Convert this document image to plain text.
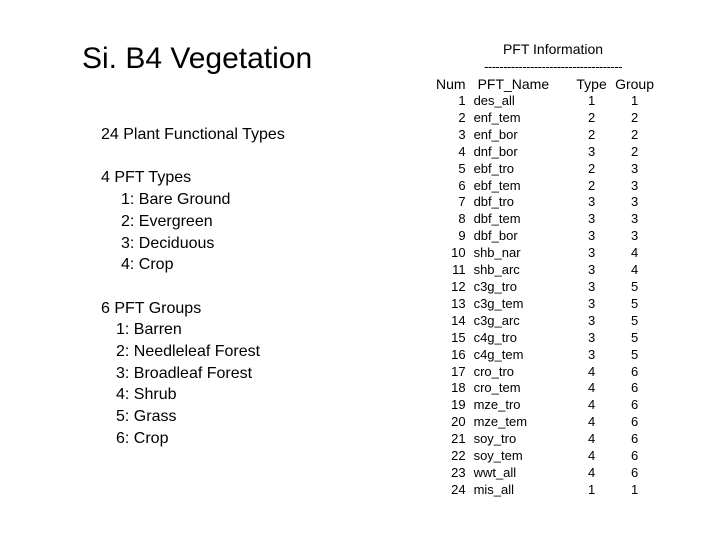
Si. B4 Vegetation
24 Plant Functional Types
4 PFT Types
1: Bare Ground
2: Evergreen
3: Deciduous
4: Crop
6 PFT Groups
1: Barren
2: Needleleaf Forest
3: Broadleaf Forest
4: Shrub
5: Grass
6: Crop
PFT Information
------------------------------------
Num	PFT_Name	Type	Group
1	des_all	1	1
2	enf_tem	2	2
3	enf_bor	2	2
4	dnf_bor	3	2
5	ebf_tro	2	3
6	ebf_tem	2	3
7	dbf_tro	3	3
8	dbf_tem	3	3
9	dbf_bor	3	3
10	shb_nar	3	4
11	shb_arc	3	4
12	c3g_tro	3	5
13	c3g_tem	3	5
14	c3g_arc	3	5
15	c4g_tro	3	5
16	c4g_tem	3	5
17	cro_tro	4	6
18	cro_tem	4	6
19	mze_tro	4	6
20	mze_tem	4	6
21	soy_tro	4	6
22	soy_tem	4	6
23	wwt_all	4	6
24	mis_all	1	1
